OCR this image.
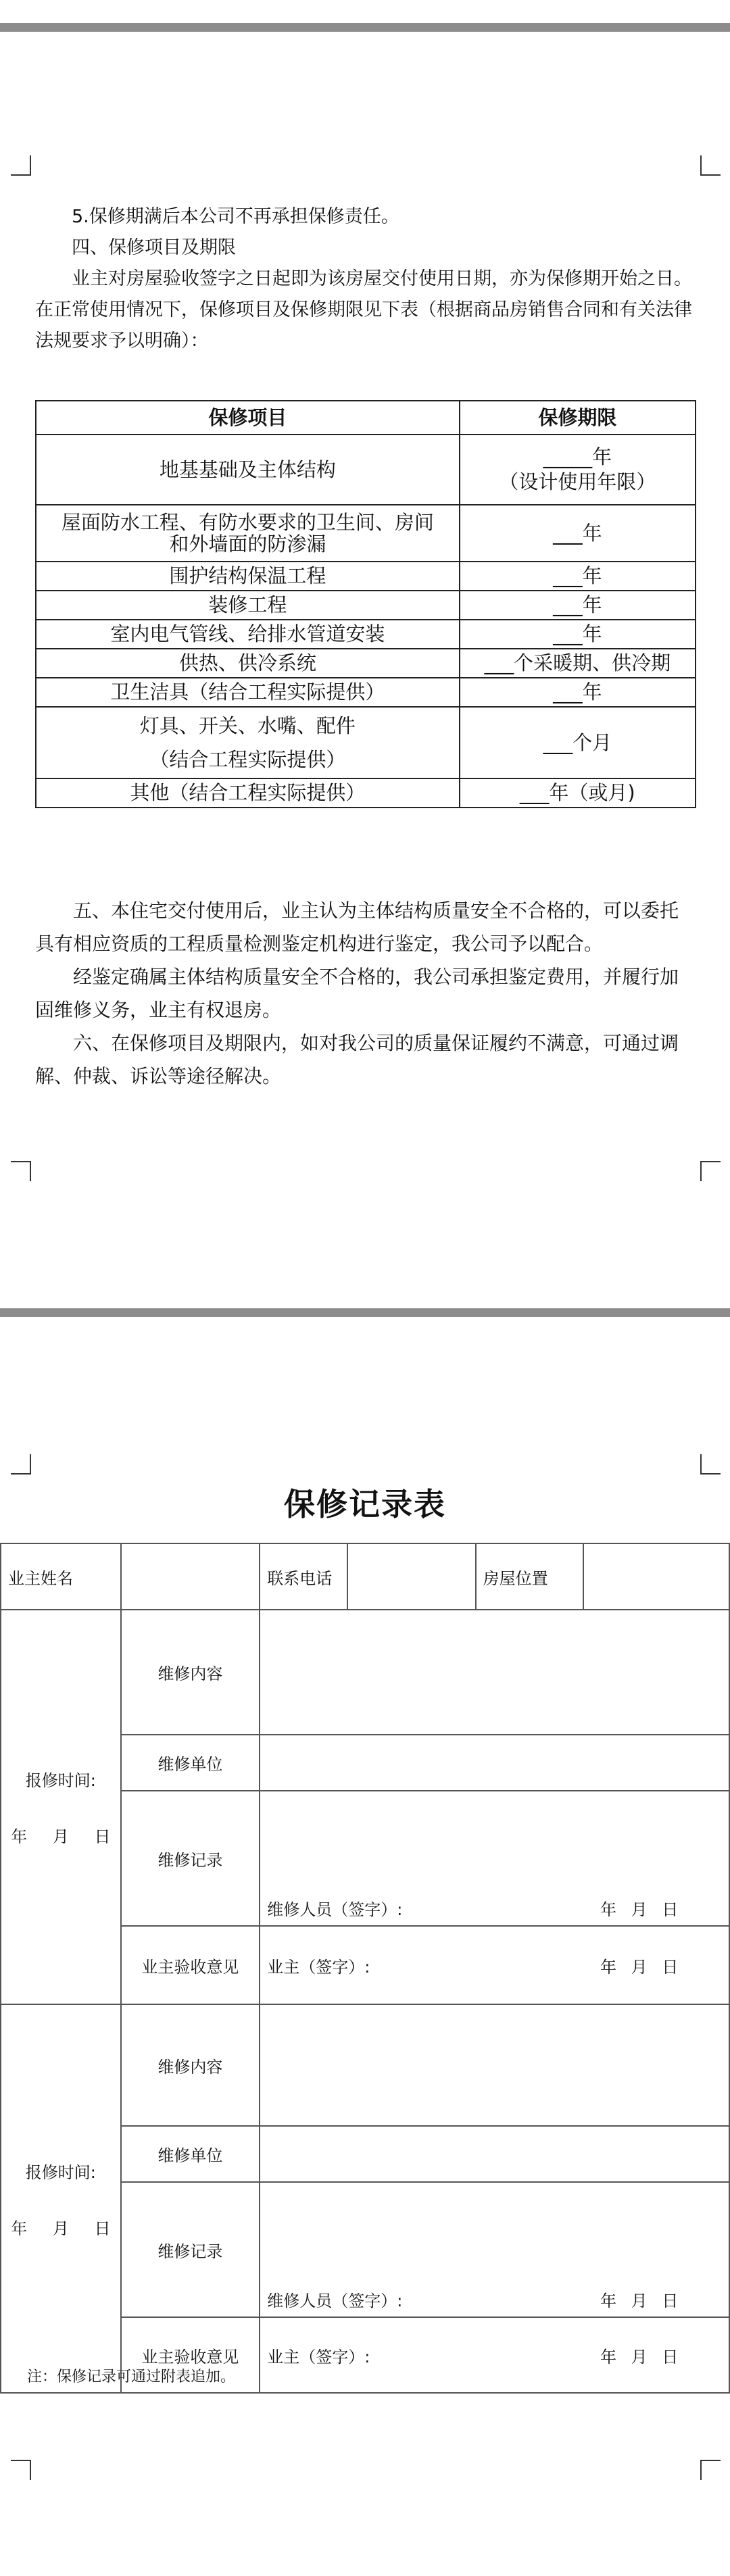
5.保修期满后本公司不再承担保修责任。

四、保修项目及期限

业主对房屋验收签字之日起即为该房屋交付使用日期，亦为保修期开始之日。在正常使用情况下，保修项目及保修期限见下表（根据商品房销售合同和有关法律法规要求予以明确）：

保修项目	保修期限
地基基础及主体结构	_____年
（设计使用年限）

屋面防水工程、有防水要求的卫生间、房间
和外墙面的防渗漏	___年
围护结构保温工程	___年
装修工程	___年
室内电气管线、给排水管道安装	___年
供热、供冷系统	___个采暖期、供冷期
卫生洁具（结合工程实际提供）	___年

灯具、开关、水嘴、配件
（结合工程实际提供）	___个月
其他（结合工程实际提供）	___年（或月)

五、本住宅交付使用后，业主认为主体结构质量安全不合格的，可以委托具有相应资质的工程质量检测鉴定机构进行鉴定，我公司予以配合。

经鉴定确属主体结构质量安全不合格的，我公司承担鉴定费用，并履行加固维修义务，业主有权退房。

六、在保修项目及期限内，如对我公司的质量保证履约不满意，可通过调解、仲裁、诉讼等途径解决。

保修记录表
业主姓名		联系电话		房屋位置	

报修时间:
年 月 日	维修内容				
	维修单位				
	维修记录	维修人员（签字）: 年 月 日			

	业主验收意见	业主（签字）: 年 月 日			

报修时间:
年 月 日	维修内容				
	维修单位				
	维修记录	维修人员（签字）: 年 月 日			

	业主验收意见	业主（签字）: 年 月 日			
注：保修记录可通过附表追加。
